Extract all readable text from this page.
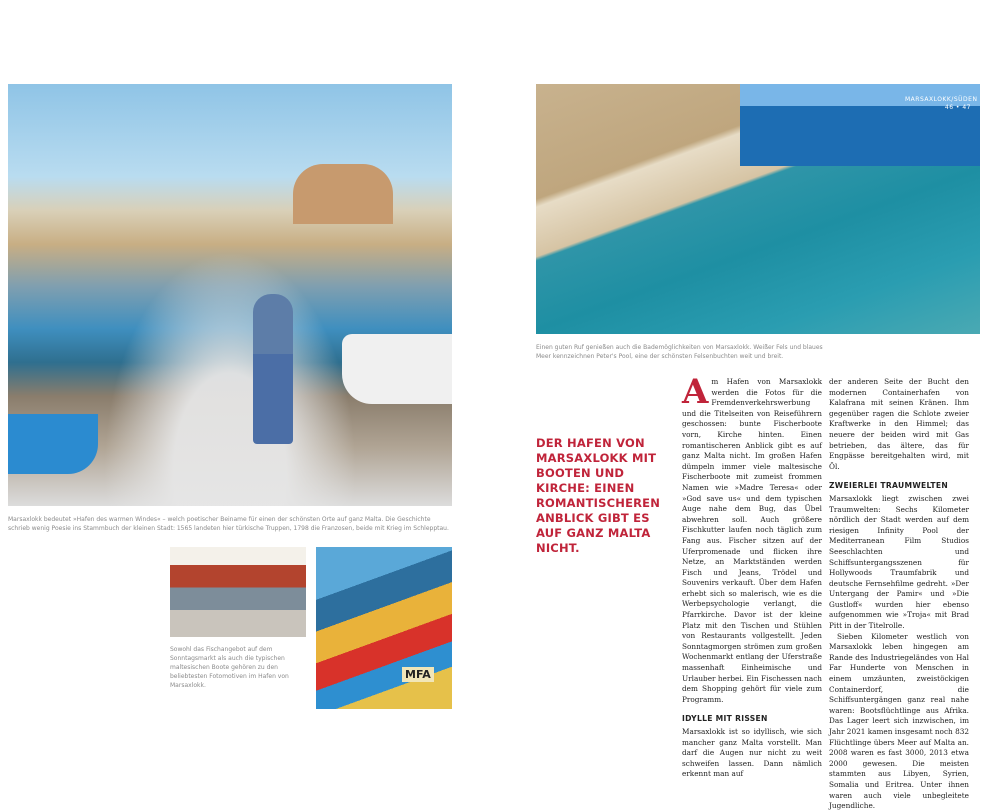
Marsaxlokk bedeutet »Hafen des warmen Windes« – welch poetischer Beiname für einen der schönsten Orte auf ganz Malta. Die Geschichte schrieb wenig Poesie ins Stammbuch der kleinen Stadt: 1565 landeten hier türkische Truppen, 1798 die Franzosen, beide mit Krieg im Schlepptau.
MFA
Sowohl das Fischangebot auf dem Sonntagsmarkt als auch die typischen maltesischen Boote gehören zu den beliebtesten Fotomotiven im Hafen von Marsaxlokk.
MARSAXLOKK/SÜDEN
46 • 47
Einen guten Ruf genießen auch die Bademöglichkeiten von Marsaxlokk. Weißer Fels und blaues Meer kennzeichnen Peter's Pool, eine der schönsten Felsenbuchten weit und breit.
DER HAFEN VON MARSAXLOKK MIT BOOTEN UND KIRCHE: EINEN ROMANTISCHEREN ANBLICK GIBT ES AUF GANZ MALTA NICHT.

Am Hafen von Marsaxlokk werden die Fotos für die Fremdenverkehrswerbung und die Titelseiten von Reiseführern geschossen: bunte Fischerboote vorn, Kirche hinten. Einen romantischeren Anblick gibt es auf ganz Malta nicht. Im großen Hafen dümpeln immer viele maltesische Fischerboote mit zumeist frommen Namen wie »Madre Teresa« oder »God save us« und dem typischen Auge nahe dem Bug, das Übel abwehren soll. Auch größere Fischkutter laufen noch täglich zum Fang aus. Fischer sitzen auf der Uferpromenade und flicken ihre Netze, an Marktständen werden Fisch und Jeans, Trödel und Souvenirs verkauft. Über dem Hafen erhebt sich so malerisch, wie es die Werbepsychologie verlangt, die Pfarrkirche. Davor ist der kleine Platz mit den Tischen und Stühlen von Restaurants vollgestellt. Jeden Sonntagmorgen strömen zum großen Wochenmarkt entlang der Uferstraße massenhaft Einheimische und Urlauber herbei. Ein Fischessen nach dem Shopping gehört für viele zum Programm.

IDYLLE MIT RISSEN

Marsaxlokk ist so idyllisch, wie sich mancher ganz Malta vorstellt. Man darf die Augen nur nicht zu weit schweifen lassen. Dann nämlich erkennt man auf

der anderen Seite der Bucht den modernen Containerhafen von Kalafrana mit seinen Kränen. Ihm gegenüber ragen die Schlote zweier Kraftwerke in den Himmel; das neuere der beiden wird mit Gas betrieben, das ältere, das für Engpässe bereitgehalten wird, mit Öl.

ZWEIERLEI TRAUMWELTEN

Marsaxlokk liegt zwischen zwei Traumwelten: Sechs Kilometer nördlich der Stadt werden auf dem riesigen Infinity Pool der Mediterranean Film Studios Seeschlachten und Schiffsuntergangsszenen für Hollywoods Traumfabrik und deutsche Fernsehfilme gedreht. »Der Untergang der Pamir« und »Die Gustloff« wurden hier ebenso aufgenommen wie »Troja« mit Brad Pitt in der Titelrolle.

Sieben Kilometer westlich von Marsaxlokk leben hingegen am Rande des Industriegeländes von Hal Far Hunderte von Menschen in einem umzäunten, zweistöckigen Containerdorf, die Schiffsuntergängen ganz real nahe waren: Bootsflüchtlinge aus Afrika. Das Lager leert sich inzwischen, im Jahr 2021 kamen insgesamt noch 832 Flüchtlinge übers Meer auf Malta an. 2008 waren es fast 3000, 2013 etwa 2000 gewesen. Die meisten stammten aus Libyen, Syrien, Somalia und Eritrea. Unter ihnen waren auch viele unbegleitete Jugendliche.
